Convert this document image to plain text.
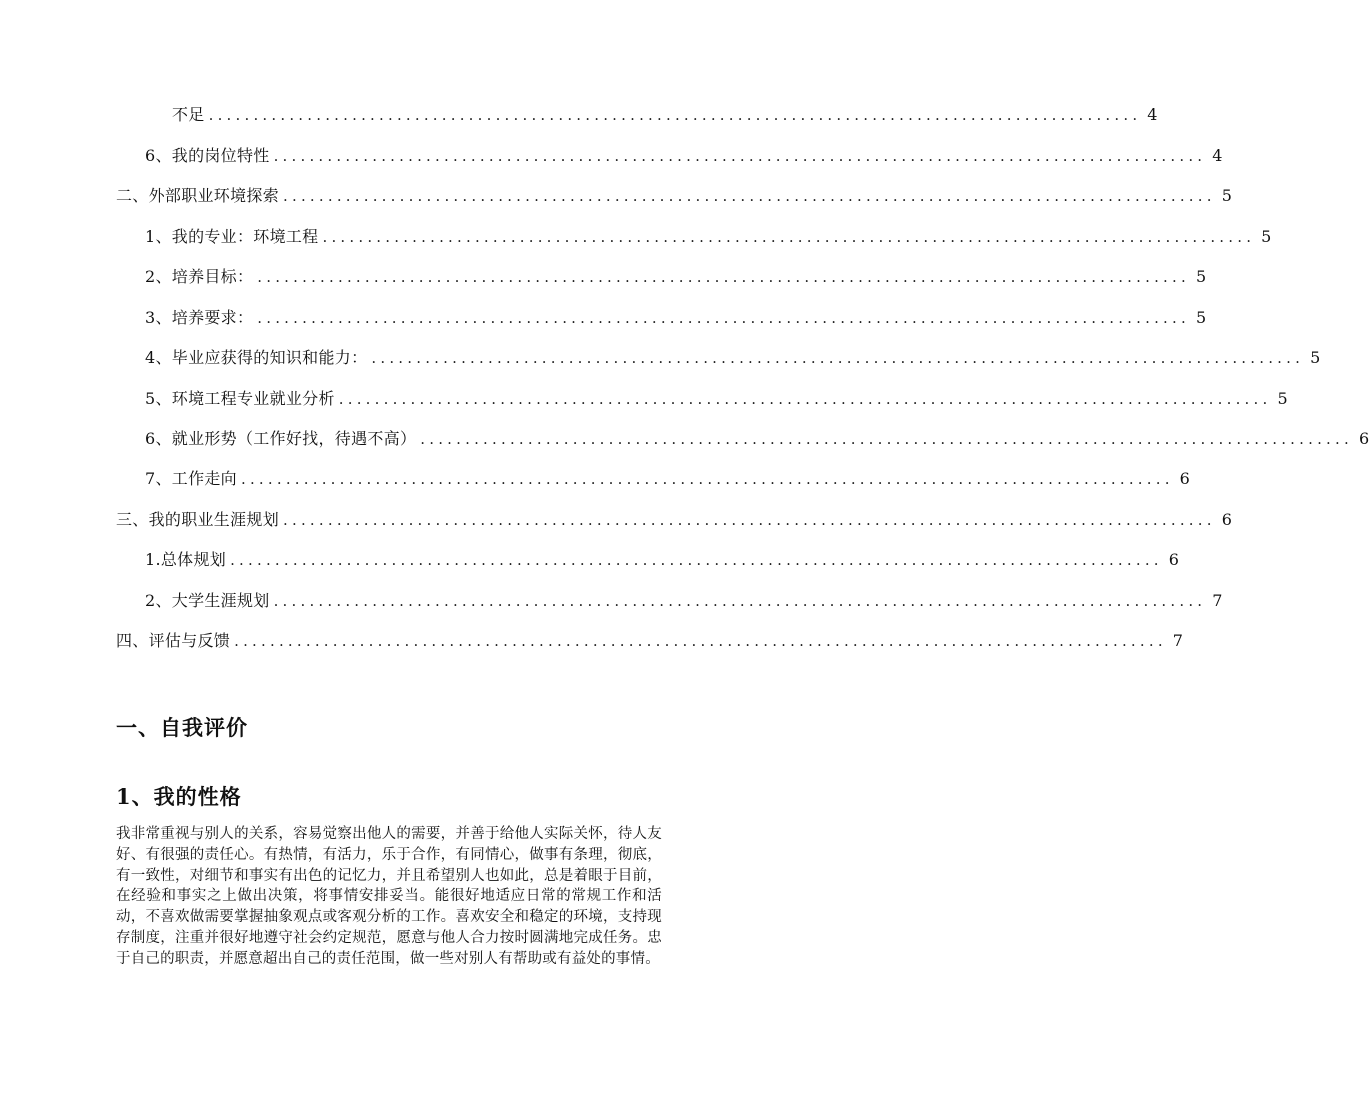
不足 ........................................................................................................ 4
6、我的岗位特性 ........................................................................................................ 4
二、外部职业环境探索 ........................................................................................................ 5
1、我的专业：环境工程 ........................................................................................................ 5
2、培养目标： ........................................................................................................ 5
3、培养要求： ........................................................................................................ 5
4、毕业应获得的知识和能力： ........................................................................................................ 5
5、环境工程专业就业分析 ........................................................................................................ 5
6、就业形势（工作好找，待遇不高） ........................................................................................................ 6
7、工作走向 ........................................................................................................ 6
三、我的职业生涯规划 ........................................................................................................ 6
1.总体规划 ........................................................................................................ 6
2、大学生涯规划 ........................................................................................................ 7
四、评估与反馈 ........................................................................................................ 7
一、自我评价
1、我的性格

我非常重视与别人的关系，容易觉察出他人的需要，并善于给他人实际关怀，待人友好、有很强的责任心。有热情，有活力，乐于合作，有同情心，做事有条理，彻底，有一致性，对细节和事实有出色的记忆力，并且希望别人也如此，总是着眼于目前，在经验和事实之上做出决策，将事情安排妥当。能很好地适应日常的常规工作和活动，不喜欢做需要掌握抽象观点或客观分析的工作。喜欢安全和稳定的环境，支持现存制度，注重并很好地遵守社会约定规范，愿意与他人合力按时圆满地完成任务。忠于自己的职责，并愿意超出自己的责任范围，做一些对别人有帮助或有益处的事情。
